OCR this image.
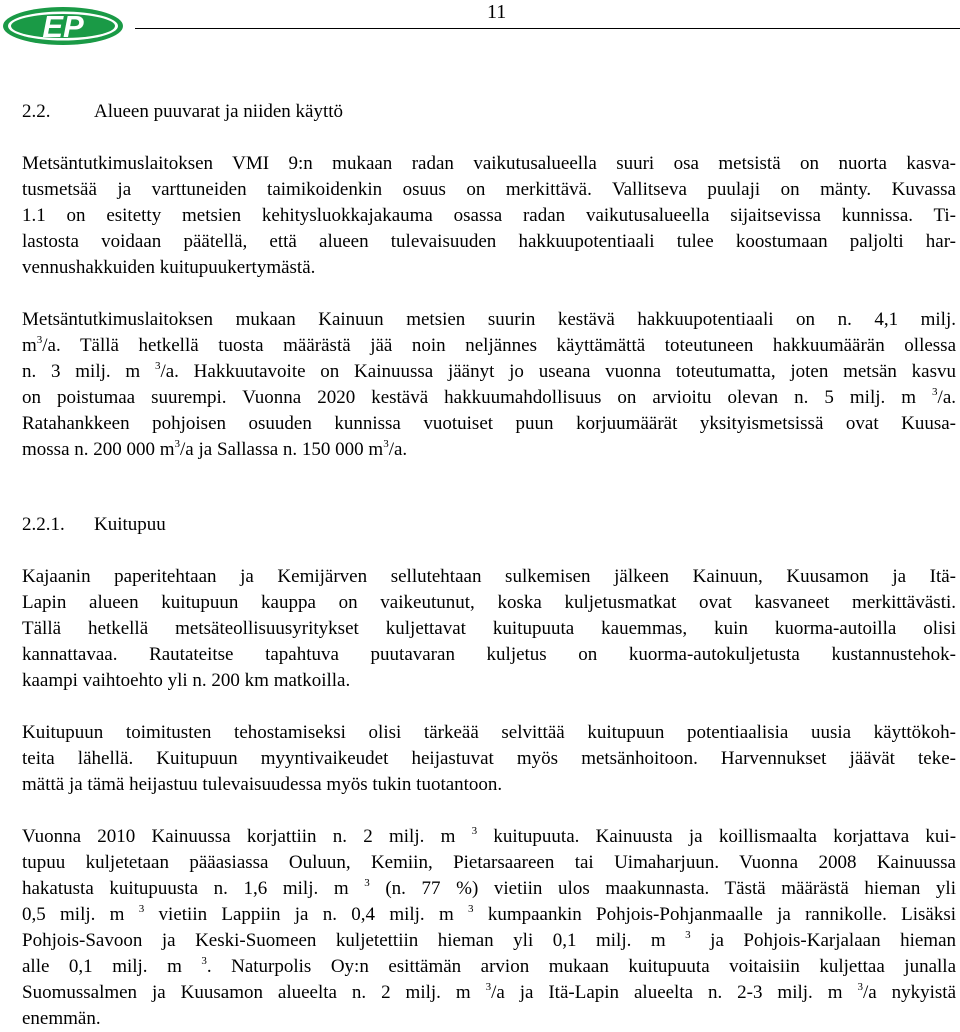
EP	11
2.2. Alueen puuvarat ja niiden käyttö
Metsäntutkimuslaitoksen VMI 9:n mukaan radan vaikutusalueella suuri osa metsistä on nuorta kasva-
tusmetsää ja varttuneiden taimikoidenkin osuus on merkittävä. Vallitseva puulaji on mänty. Kuvassa
1.1 on esitetty metsien kehitysluokkajakauma osassa radan vaikutusalueella sijaitsevissa kunnissa. Ti-
lastosta voidaan päätellä, että alueen tulevaisuuden hakkuupotentiaali tulee koostumaan paljolti har-
vennushakkuiden kuitupuukertymästä.
Metsäntutkimuslaitoksen mukaan Kainuun metsien suurin kestävä hakkuupotentiaali on n. 4,1 milj.
$m^3/a$. Tällä hetkellä tuosta määrästä jää noin neljännes käyttämättä toteutuneen hakkuumäärän ollessa
n. 3 milj. m $^3$/a. Hakkuutavoite on Kainuussa jäänyt jo useana vuonna toteutumatta, joten metsän kasvu
on poistumaa suurempi. Vuonna 2020 kestävä hakkuumahdollisuus on arvioitu olevan n. 5 milj. m $^3$/a.
Ratahankkeen pohjoisen osuuden kunnissa vuotuiset puun korjuumäärät yksityismetsissä ovat Kuusa-
mossa n. 200 000 $m^3/a$ ja Sallassa n. 150 000 $m^3/a$.
2.2.1. Kuitupuu
Kajaanin paperitehtaan ja Kemijärven sellutehtaan sulkemisen jälkeen Kainuun, Kuusamon ja Itä-
Lapin alueen kuitupuun kauppa on vaikeutunut, koska kuljetusmatkat ovat kasvaneet merkittävästi.
Tällä hetkellä metsäteollisuusyritykset kuljettavat kuitupuuta kauemmas, kuin kuorma-autoilla olisi
kannattavaa. Rautateitse tapahtuva puutavaran kuljetus on kuorma-autokuljetusta kustannustehok-
kaampi vaihtoehto yli n. 200 km matkoilla.
Kuitupuun toimitusten tehostamiseksi olisi tärkeää selvittää kuitupuun potentiaalisia uusia käyttökoh-
teita lähellä. Kuitupuun myyntivaikeudet heijastuvat myös metsänhoitoon. Harvennukset jäävät teke-
mättä ja tämä heijastuu tulevaisuudessa myös tukin tuotantoon.
Vuonna 2010 Kainuussa korjattiin n. 2 milj. m $^3$ kuitupuuta. Kainuusta ja koillismaalta korjattava kui-
tupuu kuljetetaan pääasiassa Ouluun, Kemiin, Pietarsaareen tai Uimaharjuun. Vuonna 2008 Kainuussa
hakatusta kuitupuusta n. 1,6 milj. m $^3$ (n. 77 %) vietiin ulos maakunnasta. Tästä määrästä hieman yli
0,5 milj. m $^3$ vietiin Lappiin ja n. 0,4 milj. m $^3$ kumpaankin Pohjois-Pohjanmaalle ja rannikolle. Lisäksi
Pohjois-Savoon ja Keski-Suomeen kuljetettiin hieman yli 0,1 milj. m $^3$ ja Pohjois-Karjalaan hieman
alle 0,1 milj. m $^3$. Naturpolis Oy:n esittämän arvion mukaan kuitupuuta voitaisiin kuljettaa junalla
Suomussalmen ja Kuusamon alueelta n. 2 milj. m $^3$/a ja Itä-Lapin alueelta n. 2-3 milj. m $^3$/a nykyistä
enemmän.
